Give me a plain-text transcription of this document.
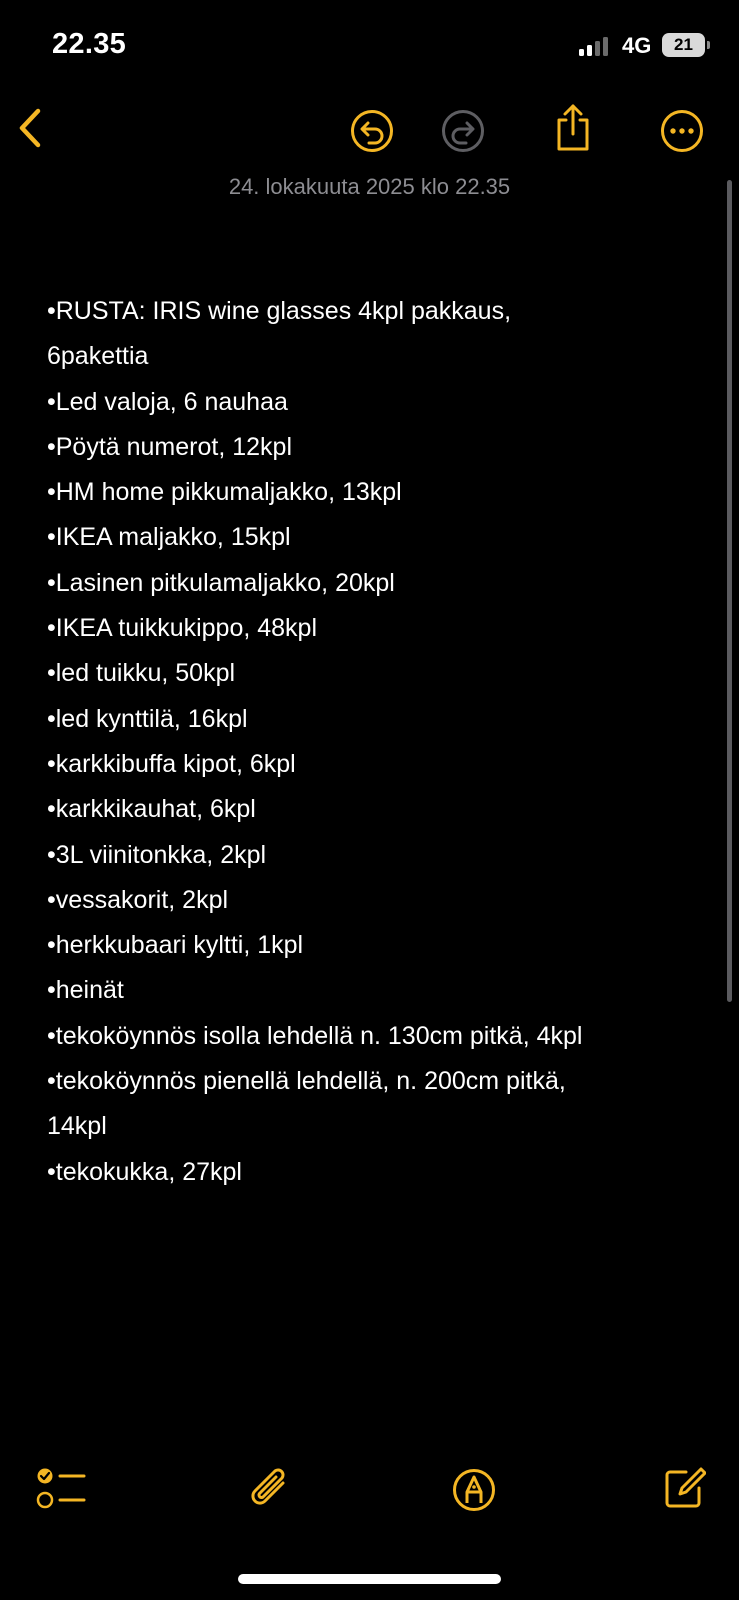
22.35	4G	21
24. lokakuuta 2025 klo 22.35
•RUSTA: IRIS wine glasses 4kpl pakkaus,
6pakettia
•Led valoja, 6 nauhaa
•Pöytä numerot, 12kpl
•HM home pikkumaljakko, 13kpl
•IKEA maljakko, 15kpl
•Lasinen pitkulamaljakko, 20kpl
•IKEA tuikkukippo, 48kpl
•led tuikku, 50kpl
•led kynttilä, 16kpl
•karkkibuffa kipot, 6kpl
•karkkikauhat, 6kpl
•3L viinitonkka, 2kpl
•vessakorit, 2kpl
•herkkubaari kyltti, 1kpl
•heinät
•tekoköynnös isolla lehdellä n. 130cm pitkä, 4kpl
•tekoköynnös pienellä lehdellä, n. 200cm pitkä,
14kpl
•tekokukka, 27kpl
